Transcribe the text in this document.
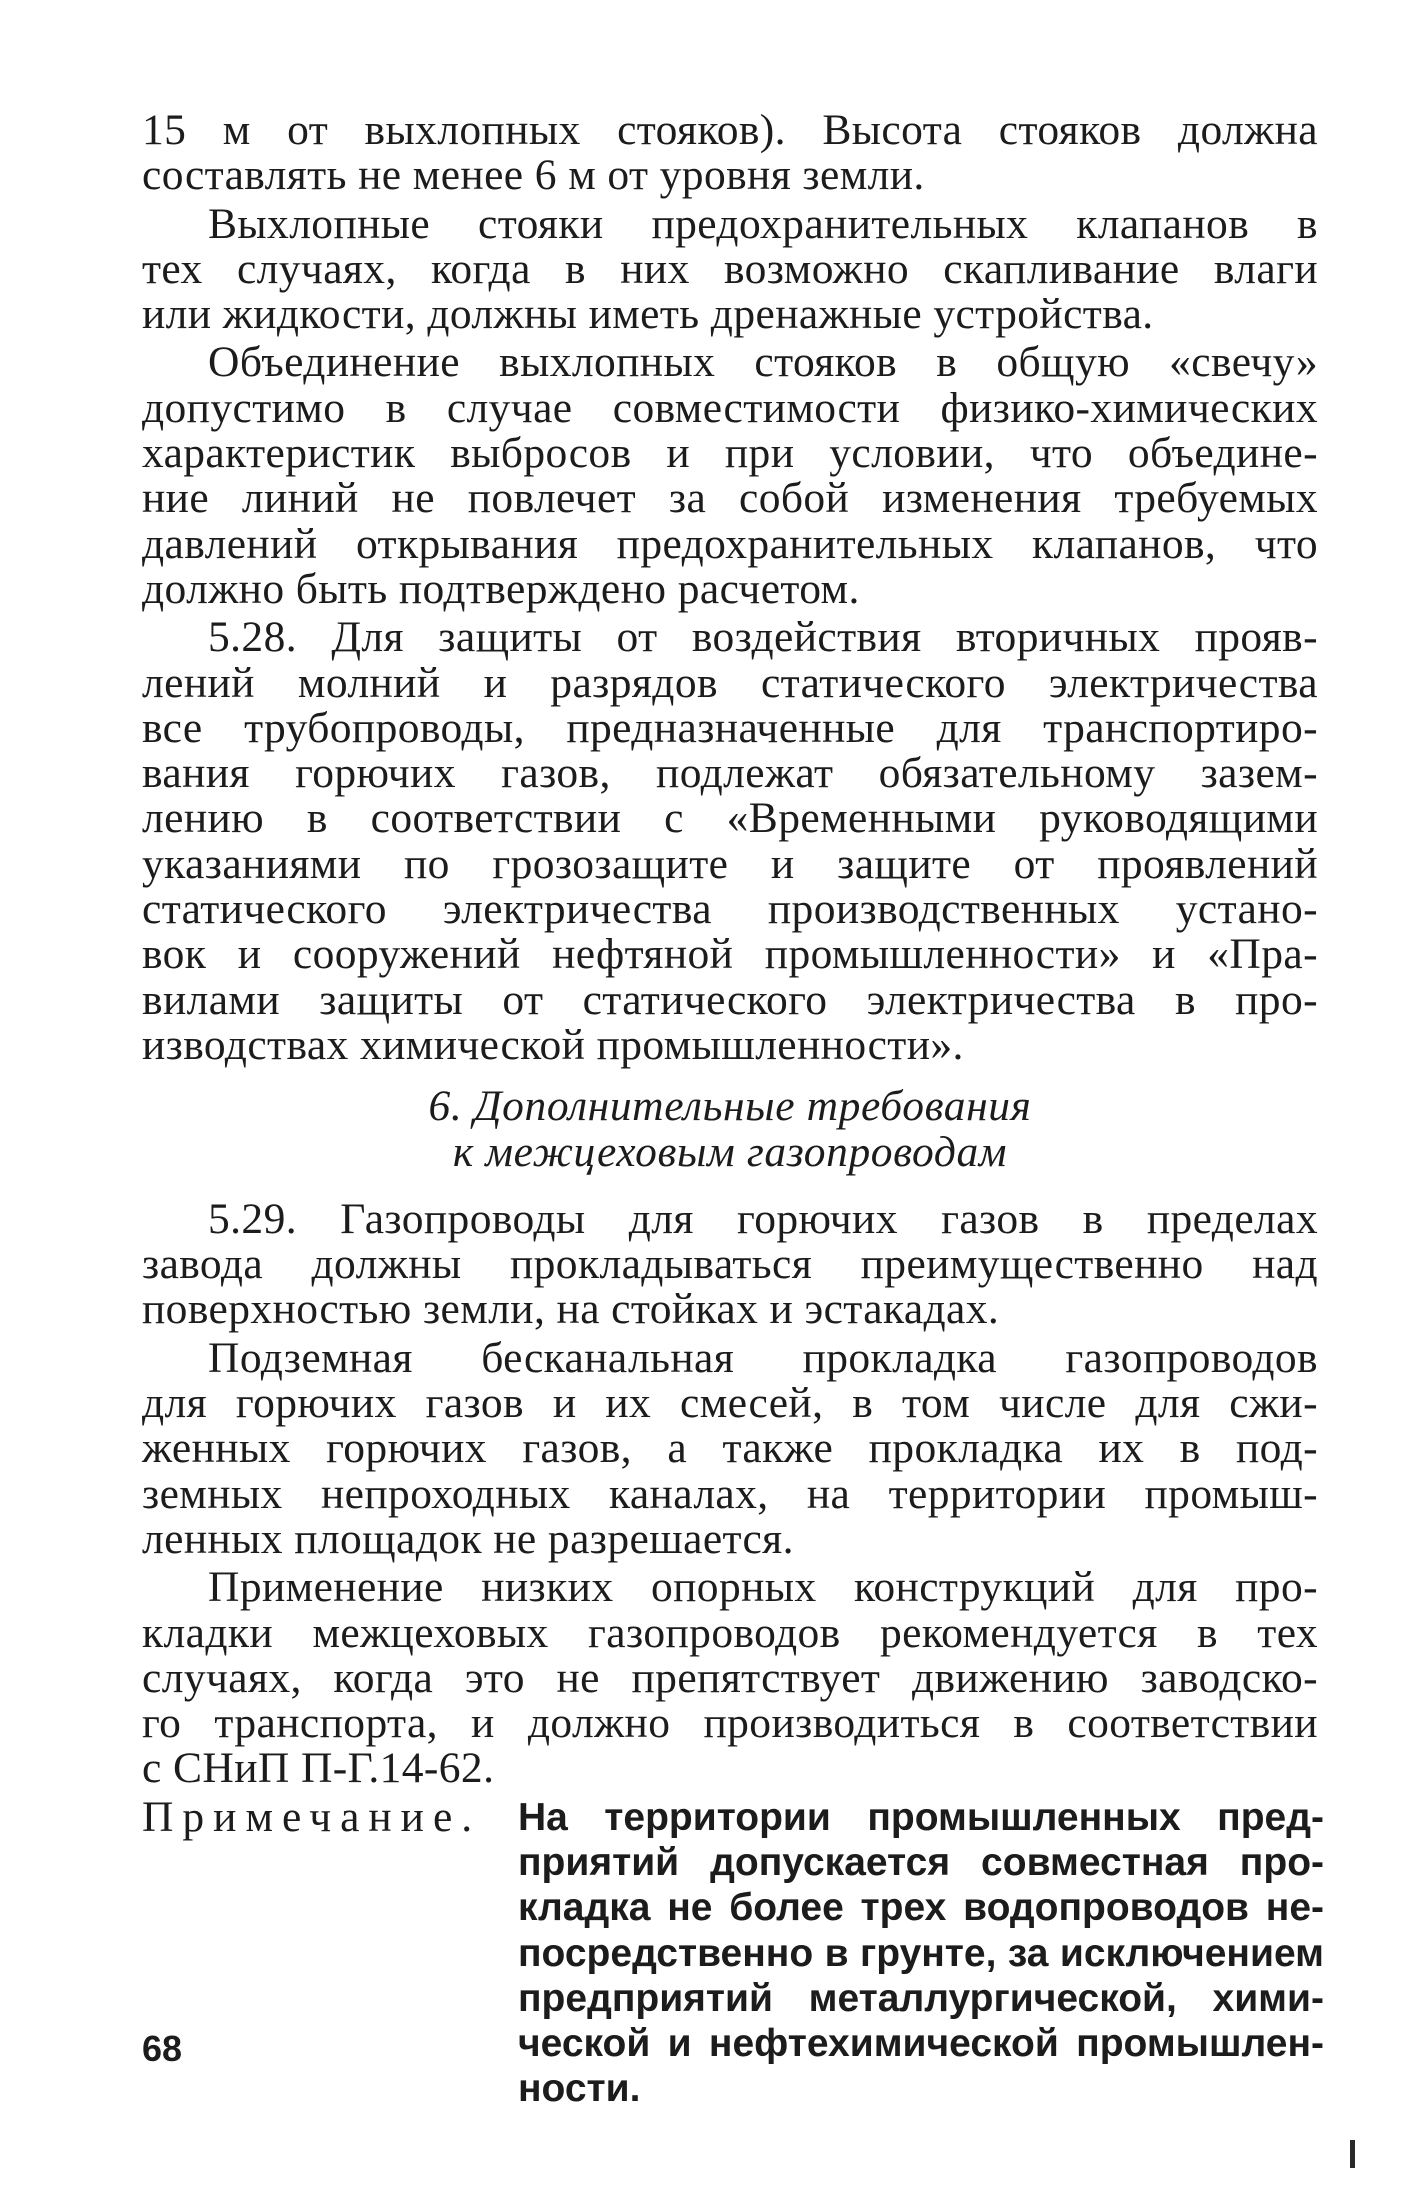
15 м от выхлопных стояков). Высота стояков должна
составлять не менее 6 м от уровня земли.
Выхлопные стояки предохранительных клапанов в
тех случаях, когда в них возможно скапливание влаги
или жидкости, должны иметь дренажные устройства.
Объединение выхлопных стояков в общую «свечу»
допустимо в случае совместимости физико-химических
характеристик выбросов и при условии, что объедине-
ние линий не повлечет за собой изменения требуемых
давлений открывания предохранительных клапанов, что
должно быть подтверждено расчетом.
5.28. Для защиты от воздействия вторичных прояв-
лений молний и разрядов статического электричества
все трубопроводы, предназначенные для транспортиро-
вания горючих газов, подлежат обязательному зазем-
лению в соответствии с «Временными руководящими
указаниями по грозозащите и защите от проявлений
статического электричества производственных устано-
вок и сооружений нефтяной промышленности» и «Пра-
вилами защиты от статического электричества в про-
изводствах химической промышленности».
6. Дополнительные требования
к межцеховым газопроводам
5.29. Газопроводы для горючих газов в пределах
завода должны прокладываться преимущественно над
поверхностью земли, на стойках и эстакадах.
Подземная бесканальная прокладка газопроводов
для горючих газов и их смесей, в том числе для сжи-
женных горючих газов, а также прокладка их в под-
земных непроходных каналах, на территории промыш-
ленных площадок не разрешается.
Применение низких опорных конструкций для про-
кладки межцеховых газопроводов рекомендуется в тех
случаях, когда это не препятствует движению заводско-
го транспорта, и должно производиться в соответствии
с СНиП П-Г.14-62.
Примечание. На территории промышленных пред-
приятий допускается совместная про-
кладка не более трех водопроводов не-
посредственно в грунте, за исключением
предприятий металлургической, хими-
ческой и нефтехимической промышлен-
ности.
68
